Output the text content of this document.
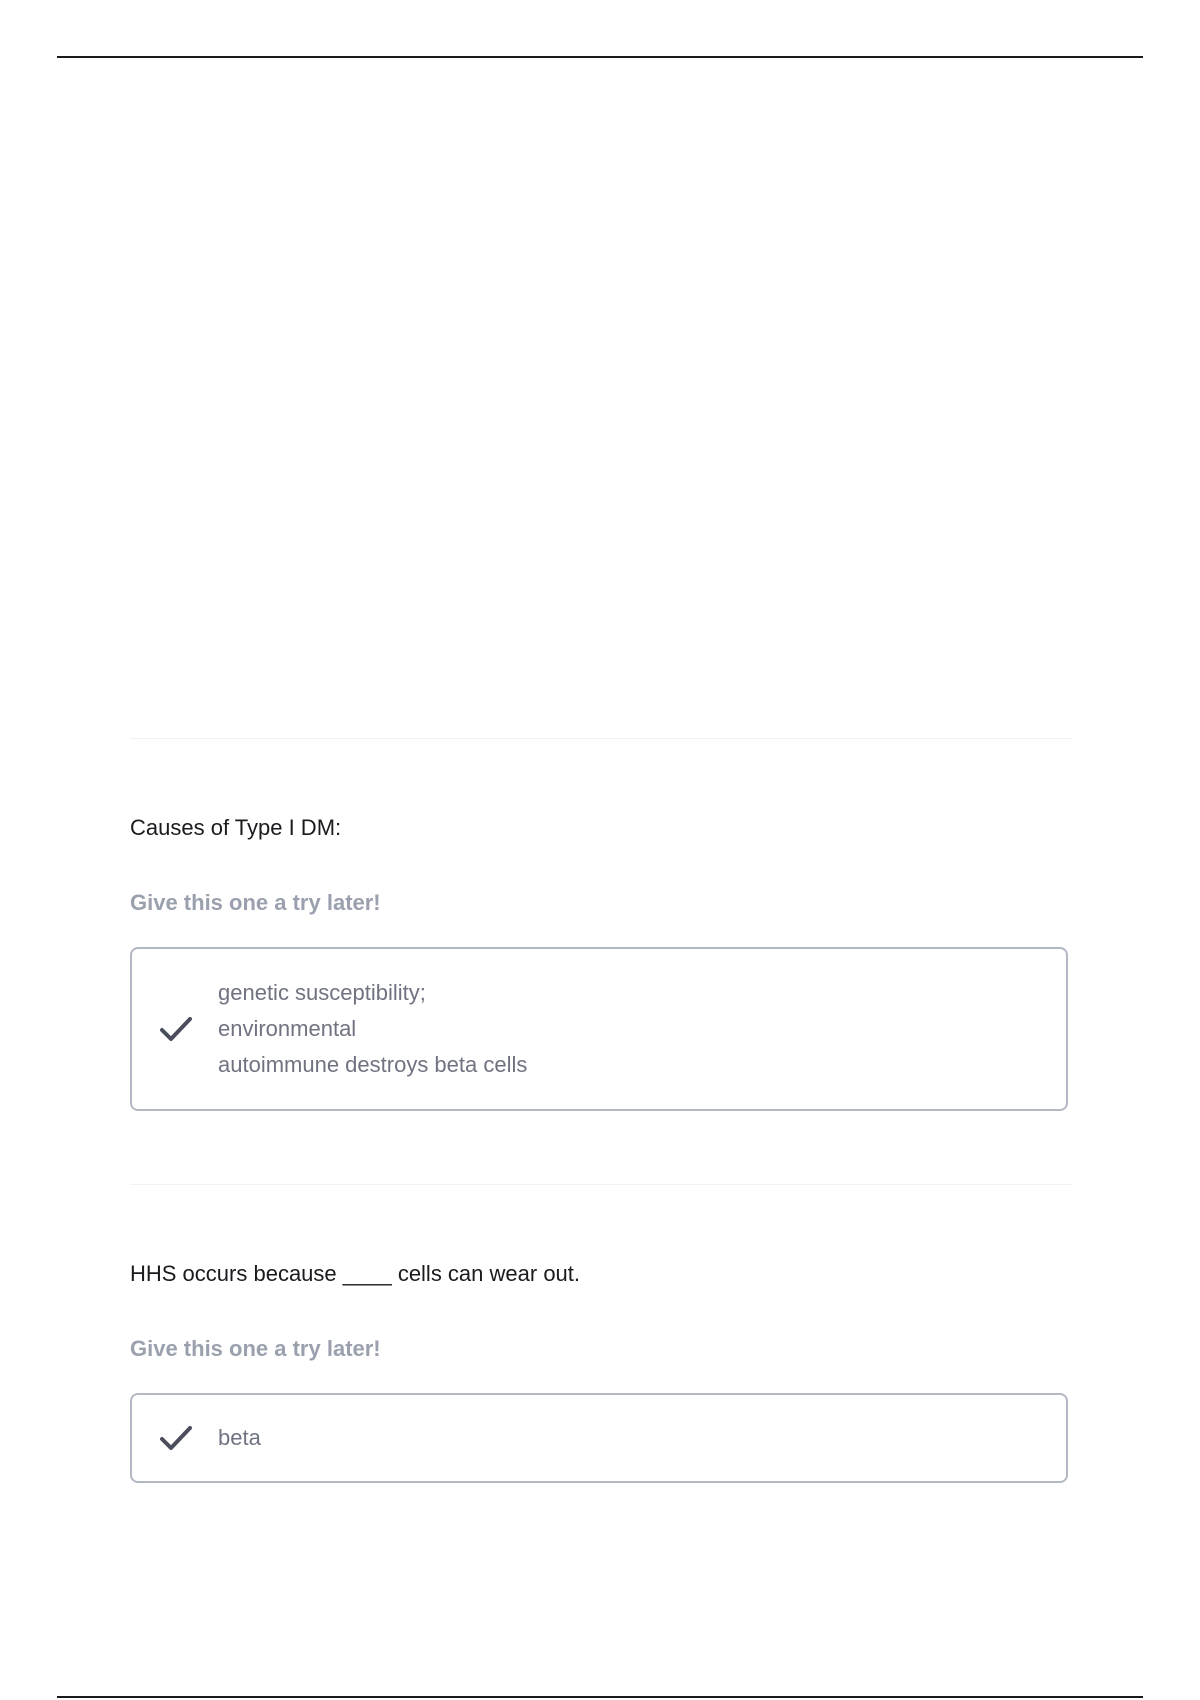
Causes of Type I DM:

Give this one a try later!

genetic susceptibility;
environmental
autoimmune destroys beta cells
HHS occurs because ____ cells can wear out.

Give this one a try later!

beta
